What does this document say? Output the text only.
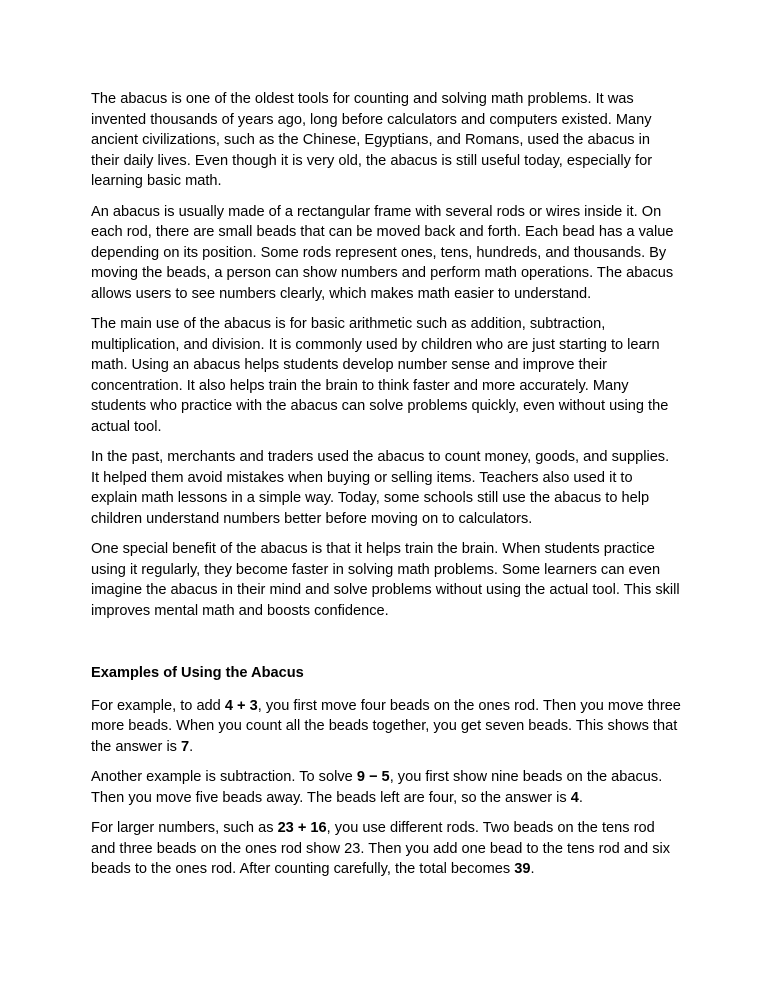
The abacus is one of the oldest tools for counting and solving math problems. It was invented thousands of years ago, long before calculators and computers existed. Many ancient civilizations, such as the Chinese, Egyptians, and Romans, used the abacus in their daily lives. Even though it is very old, the abacus is still useful today, especially for learning basic math.

An abacus is usually made of a rectangular frame with several rods or wires inside it. On each rod, there are small beads that can be moved back and forth. Each bead has a value depending on its position. Some rods represent ones, tens, hundreds, and thousands. By moving the beads, a person can show numbers and perform math operations. The abacus allows users to see numbers clearly, which makes math easier to understand.

The main use of the abacus is for basic arithmetic such as addition, subtraction, multiplication, and division. It is commonly used by children who are just starting to learn math. Using an abacus helps students develop number sense and improve their concentration. It also helps train the brain to think faster and more accurately. Many students who practice with the abacus can solve problems quickly, even without using the actual tool.

In the past, merchants and traders used the abacus to count money, goods, and supplies. It helped them avoid mistakes when buying or selling items. Teachers also used it to explain math lessons in a simple way. Today, some schools still use the abacus to help children understand numbers better before moving on to calculators.

One special benefit of the abacus is that it helps train the brain. When students practice using it regularly, they become faster in solving math problems. Some learners can even imagine the abacus in their mind and solve problems without using the actual tool. This skill improves mental math and boosts confidence.

Examples of Using the Abacus

For example, to add 4 + 3, you first move four beads on the ones rod. Then you move three more beads. When you count all the beads together, you get seven beads. This shows that the answer is 7.

Another example is subtraction. To solve 9 − 5, you first show nine beads on the abacus. Then you move five beads away. The beads left are four, so the answer is 4.

For larger numbers, such as 23 + 16, you use different rods. Two beads on the tens rod and three beads on the ones rod show 23. Then you add one bead to the tens rod and six beads to the ones rod. After counting carefully, the total becomes 39.
